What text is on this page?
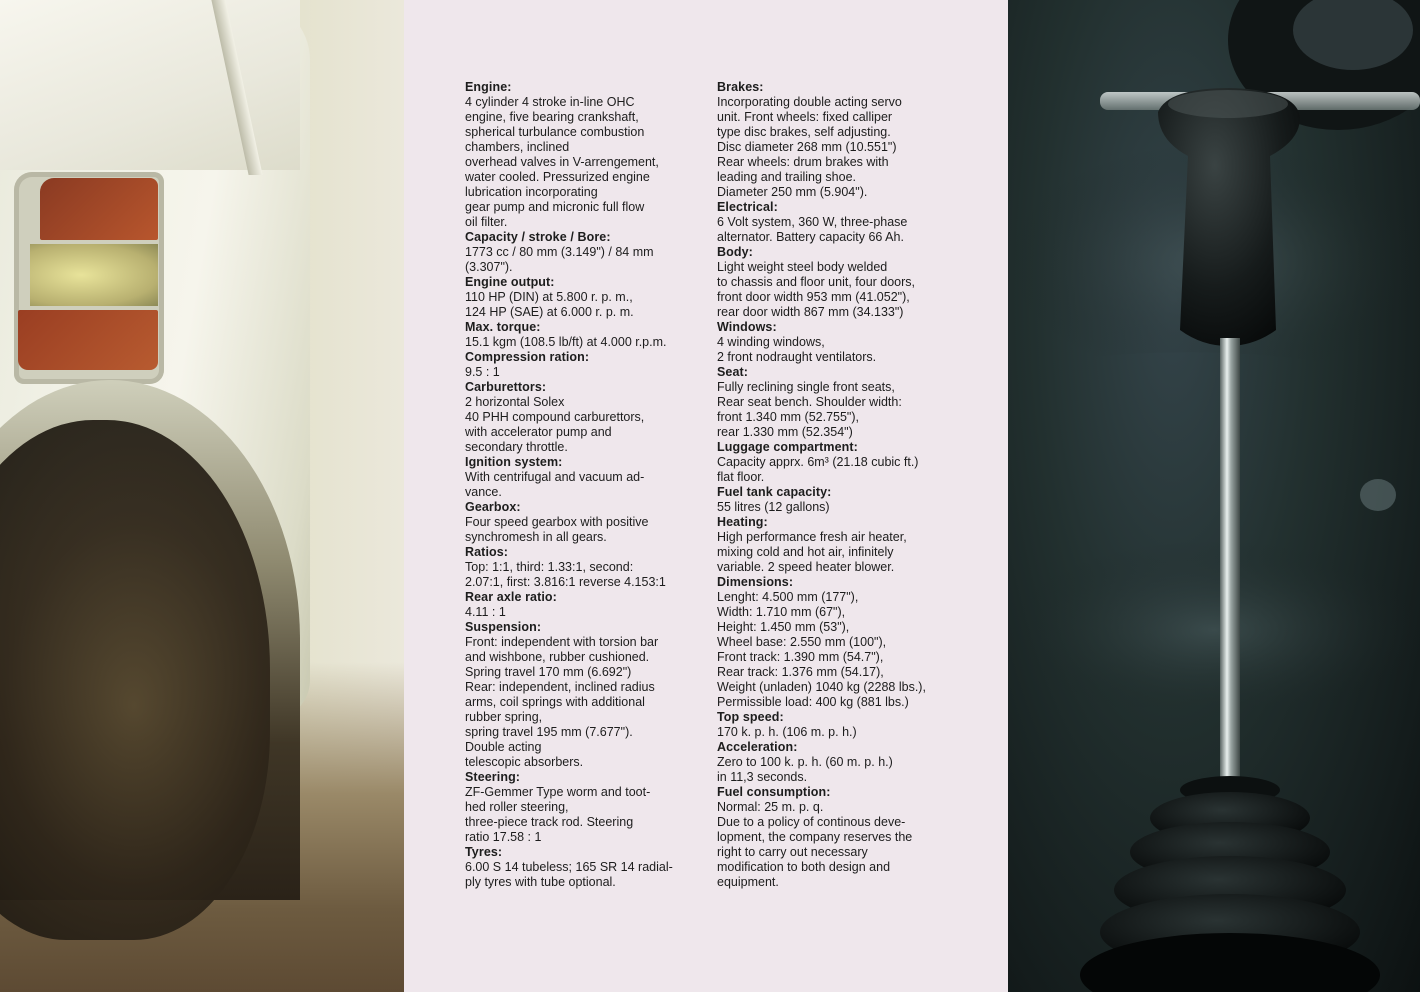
Engine:
4 cylinder 4 stroke in-line OHC
engine, five bearing crankshaft,
spherical turbulance combustion
chambers, inclined
overhead valves in V-arrengement,
water cooled. Pressurized engine
lubrication incorporating
gear pump and micronic full flow
oil filter.
Capacity / stroke / Bore:
1773 cc / 80 mm (3.149") / 84 mm
(3.307").
Engine output:
110 HP (DIN) at 5.800 r. p. m.,
124 HP (SAE) at 6.000 r. p. m.
Max. torque:
15.1 kgm (108.5 lb/ft) at 4.000 r.p.m.
Compression ration:
9.5 : 1
Carburettors:
2 horizontal Solex
40 PHH compound carburettors,
with accelerator pump and
secondary throttle.
Ignition system:
With centrifugal and vacuum ad-
vance.
Gearbox:
Four speed gearbox with positive
synchromesh in all gears.
Ratios:
Top: 1:1, third: 1.33:1, second:
2.07:1, first: 3.816:1 reverse 4.153:1
Rear axle ratio:
4.11 : 1
Suspension:
Front: independent with torsion bar
and wishbone, rubber cushioned.
Spring travel 170 mm (6.692")
Rear: independent, inclined radius
arms, coil springs with additional
rubber spring,
spring travel 195 mm (7.677").
Double acting
telescopic absorbers.
Steering:
ZF-Gemmer Type worm and toot-
hed roller steering,
three-piece track rod. Steering
ratio 17.58 : 1
Tyres:
6.00 S 14 tubeless; 165 SR 14 radial-
ply tyres with tube optional.
Brakes:
Incorporating double acting servo
unit. Front wheels: fixed calliper
type disc brakes, self adjusting.
Disc diameter 268 mm (10.551")
Rear wheels: drum brakes with
leading and trailing shoe.
Diameter 250 mm (5.904").
Electrical:
6 Volt system, 360 W, three-phase
alternator. Battery capacity 66 Ah.
Body:
Light weight steel body welded
to chassis and floor unit, four doors,
front door width 953 mm (41.052"),
rear door width 867 mm (34.133")
Windows:
4 winding windows,
2 front nodraught ventilators.
Seat:
Fully reclining single front seats,
Rear seat bench. Shoulder width:
front 1.340 mm (52.755"),
rear 1.330 mm (52.354")
Luggage compartment:
Capacity apprx. 6m³ (21.18 cubic ft.)
flat floor.
Fuel tank capacity:
55 litres (12 gallons)
Heating:
High performance fresh air heater,
mixing cold and hot air, infinitely
variable. 2 speed heater blower.
Dimensions:
Lenght: 4.500 mm (177"),
Width: 1.710 mm (67"),
Height: 1.450 mm (53"),
Wheel base: 2.550 mm (100"),
Front track: 1.390 mm (54.7"),
Rear track: 1.376 mm (54.17),
Weight (unladen) 1040 kg (2288 lbs.),
Permissible load: 400 kg (881 lbs.)
Top speed:
170 k. p. h. (106 m. p. h.)
Acceleration:
Zero to 100 k. p. h. (60 m. p. h.)
in 11,3 seconds.
Fuel consumption:
Normal: 25 m. p. q.
Due to a policy of continous deve-
lopment, the company reserves the
right to carry out necessary
modification to both design and
equipment.
